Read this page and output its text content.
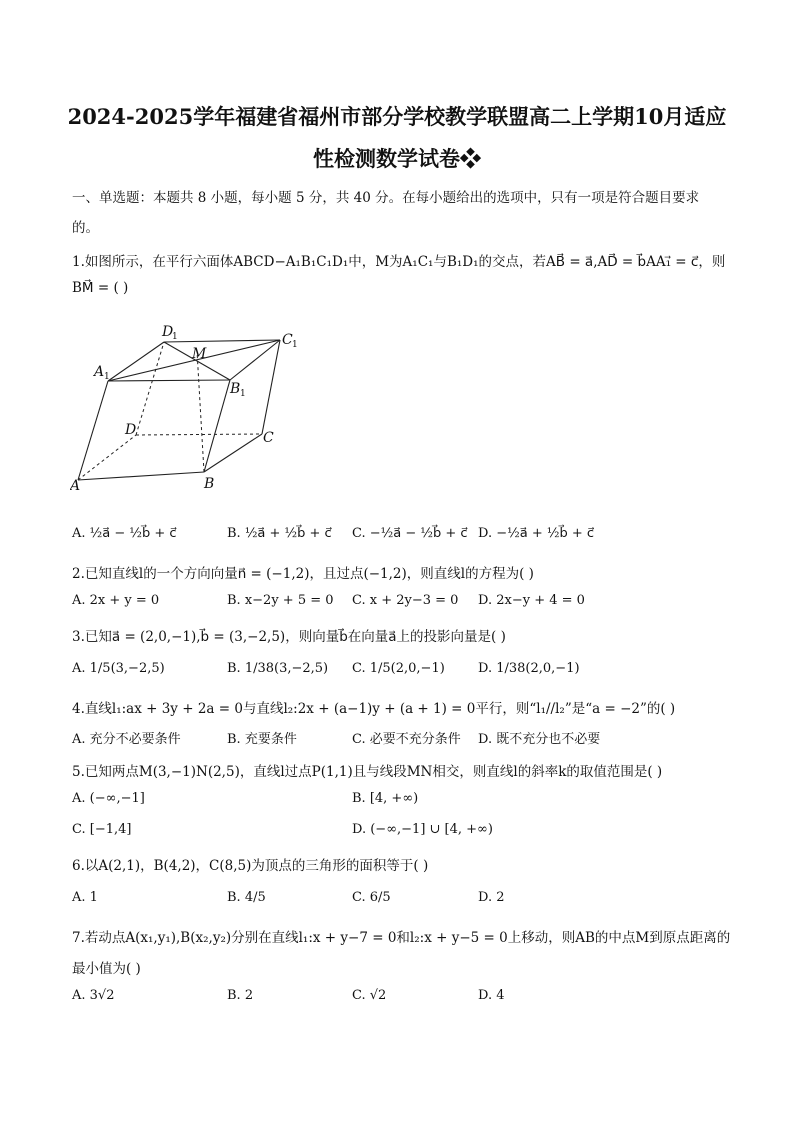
2024-2025学年福建省福州市部分学校教学联盟高二上学期10月适应
性检测数学试卷❖
一、单选题：本题共 8 小题，每小题 5 分，共 40 分。在每小题给出的选项中，只有一项是符合题目要求
的。
1.如图所示，在平行六面体ABCD−A₁B₁C₁D₁中，M为A₁C₁与B₁D₁的交点，若AB⃗ = a⃗,AD⃗ = b⃗AA₁⃗ = c⃗，则
BM⃗ = ( )
A	B
C
D
A 1
B 1
C 1
D
1
M
A. ½a⃗ − ½b⃗ + c⃗	B. ½a⃗ + ½b⃗ + c⃗ C. −½a⃗ − ½b⃗ + c⃗ D. −½a⃗ + ½b⃗ + c⃗
2.已知直线l的一个方向向量n⃗ = (−1,2)，且过点(−1,2)，则直线l的方程为( )
A. 2x + y = 0	B. x−2y + 5 = 0 C. x + 2y−3 = 0 D. 2x−y + 4 = 0
3.已知a⃗ = (2,0,−1),b⃗ = (3,−2,5)，则向量b⃗在向量a⃗上的投影向量是( )
A. 1/5(3,−2,5)	B. 1/38(3,−2,5) C. 1/5(2,0,−1)	D. 1/38(2,0,−1)
4.直线l₁:ax + 3y + 2a = 0与直线l₂:2x + (a−1)y + (a + 1) = 0平行，则“l₁//l₂”是“a = −2”的( )
A. 充分不必要条件	B. 充要条件	C. 必要不充分条件 D. 既不充分也不必要
5.已知两点M(3,−1)N(2,5)，直线l过点P(1,1)且与线段MN相交，则直线l的斜率k的取值范围是( )
A. (−∞,−1]	B. [4, +∞)
C. [−1,4]	D. (−∞,−1] ∪ [4, +∞)
6.以A(2,1)，B(4,2)，C(8,5)为顶点的三角形的面积等于( )
A. 1	B. 4/5	C. 6/5	D. 2
7.若动点A(x₁,y₁),B(x₂,y₂)分别在直线l₁:x + y−7 = 0和l₂:x + y−5 = 0上移动，则AB的中点M到原点距离的
最小值为( )
A. 3√2	B. 2	C. √2	D. 4
